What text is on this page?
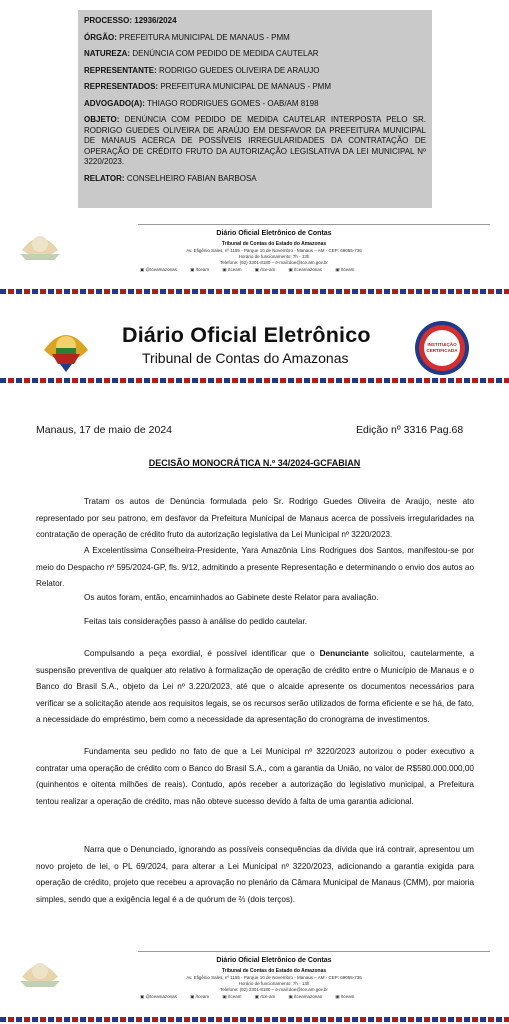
PROCESSO: 12936/2024

ÓRGÃO: PREFEITURA MUNICIPAL DE MANAUS - PMM

NATUREZA: DENÚNCIA COM PEDIDO DE MEDIDA CAUTELAR

REPRESENTANTE: RODRIGO GUEDES OLIVEIRA DE ARAUJO

REPRESENTADOS: PREFEITURA MUNICIPAL DE MANAUS - PMM

ADVOGADO(A): THIAGO RODRIGUES GOMES - OAB/AM 8198

OBJETO: DENÚNCIA COM PEDIDO DE MEDIDA CAUTELAR INTERPOSTA PELO SR. RODRIGO GUEDES OLIVEIRA DE ARAÚJO EM DESFAVOR DA PREFEITURA MUNICIPAL DE MANAUS ACERCA DE POSSÍVEIS IRREGULARIDADES DA CONTRATAÇÃO DE OPERAÇÃO DE CRÉDITO FRUTO DA AUTORIZAÇÃO LEGISLATIVA DA LEI MUNICIPAL Nº 3220/2023.

RELATOR: CONSELHEIRO FABIAN BARBOSA

Diário Oficial Eletrônico de Contas
Tribunal de Contas do Estado do Amazonas
Av. Efigênio Sales, nº 1155 - Parque 10 de Novembro - Manaus – AM - CEP: 69055-736
Horário de funcionamento: 7h - 13h
Telefone: (92) 3301-8180 – e-mail:doe@tce.am.gov.br
▣ @tceamazonas	▣ /tceam	▣ /tceam	▣ /tce-am	▣ /tceamazonas	▣ /tceam
Diário Oficial Eletrônico
Tribunal de Contas do Amazonas
INSTITUIÇÃO
CERTIFICADA
Manaus, 17 de maio de 2024	Edição nº 3316 Pag.68
DECISÃO MONOCRÁTICA N.º 34/2024-GCFABIAN
Tratam os autos de Denúncia formulada pelo Sr. Rodrigo Guedes Oliveira de Araújo, neste ato representado por seu patrono, em desfavor da Prefeitura Municipal de Manaus acerca de possíveis irregularidades na contratação de operação de crédito fruto da autorização legislativa da Lei Municipal nº 3220/2023.
A Excelentíssima Conselheira-Presidente, Yara Amazônia Lins Rodrigues dos Santos, manifestou-se por meio do Despacho nº 595/2024-GP, fls. 9/12, admitindo a presente Representação e determinando o envio dos autos ao Relator.
Os autos foram, então, encaminhados ao Gabinete deste Relator para avaliação.
Feitas tais considerações passo à análise do pedido cautelar.
Compulsando a peça exordial, é possível identificar que o Denunciante solicitou, cautelarmente, a suspensão preventiva de qualquer ato relativo à formalização de operação de crédito entre o Município de Manaus e o Banco do Brasil S.A., objeto da Lei nº 3.220/2023, até que o alcaide apresente os documentos necessários para verificar se a solicitação atende aos requisitos legais, se os recursos serão utilizados de forma eficiente e se há, de fato, a necessidade do empréstimo, bem como a necessidade da apresentação do cronograma de investimentos.
Fundamenta seu pedido no fato de que a Lei Municipal nº 3220/2023 autorizou o poder executivo a contratar uma operação de crédito com o Banco do Brasil S.A., com a garantia da União, no valor de R$580.000.000,00 (quinhentos e oitenta milhões de reais). Contudo, após receber a autorização do legislativo municipal, a Prefeitura tentou realizar a operação de crédito, mas não obteve sucesso devido à falta de uma garantia adicional.
Narra que o Denunciado, ignorando as possíveis consequências da dívida que irá contrair, apresentou um novo projeto de lei, o PL 69/2024, para alterar a Lei Municipal nº 3220/2023, adicionando a garantia exigida para operação de crédito, projeto que recebeu a aprovação no plenário da Câmara Municipal de Manaus (CMM), por maioria simples, sendo que a exigência legal é a de quórum de ⅔ (dois terços).
Diário Oficial Eletrônico de Contas
Tribunal de Contas do Estado do Amazonas
Av. Efigênio Sales, nº 1155 - Parque 10 de Novembro - Manaus – AM - CEP: 69055-736
Horário de funcionamento: 7h - 13h
Telefone: (92) 3301-8180 – e-mail:doe@tce.am.gov.br
▣ @tceamazonas	▣ /tceam	▣ /tceam	▣ /tce-am	▣ /tceamazonas	▣ /tceam
